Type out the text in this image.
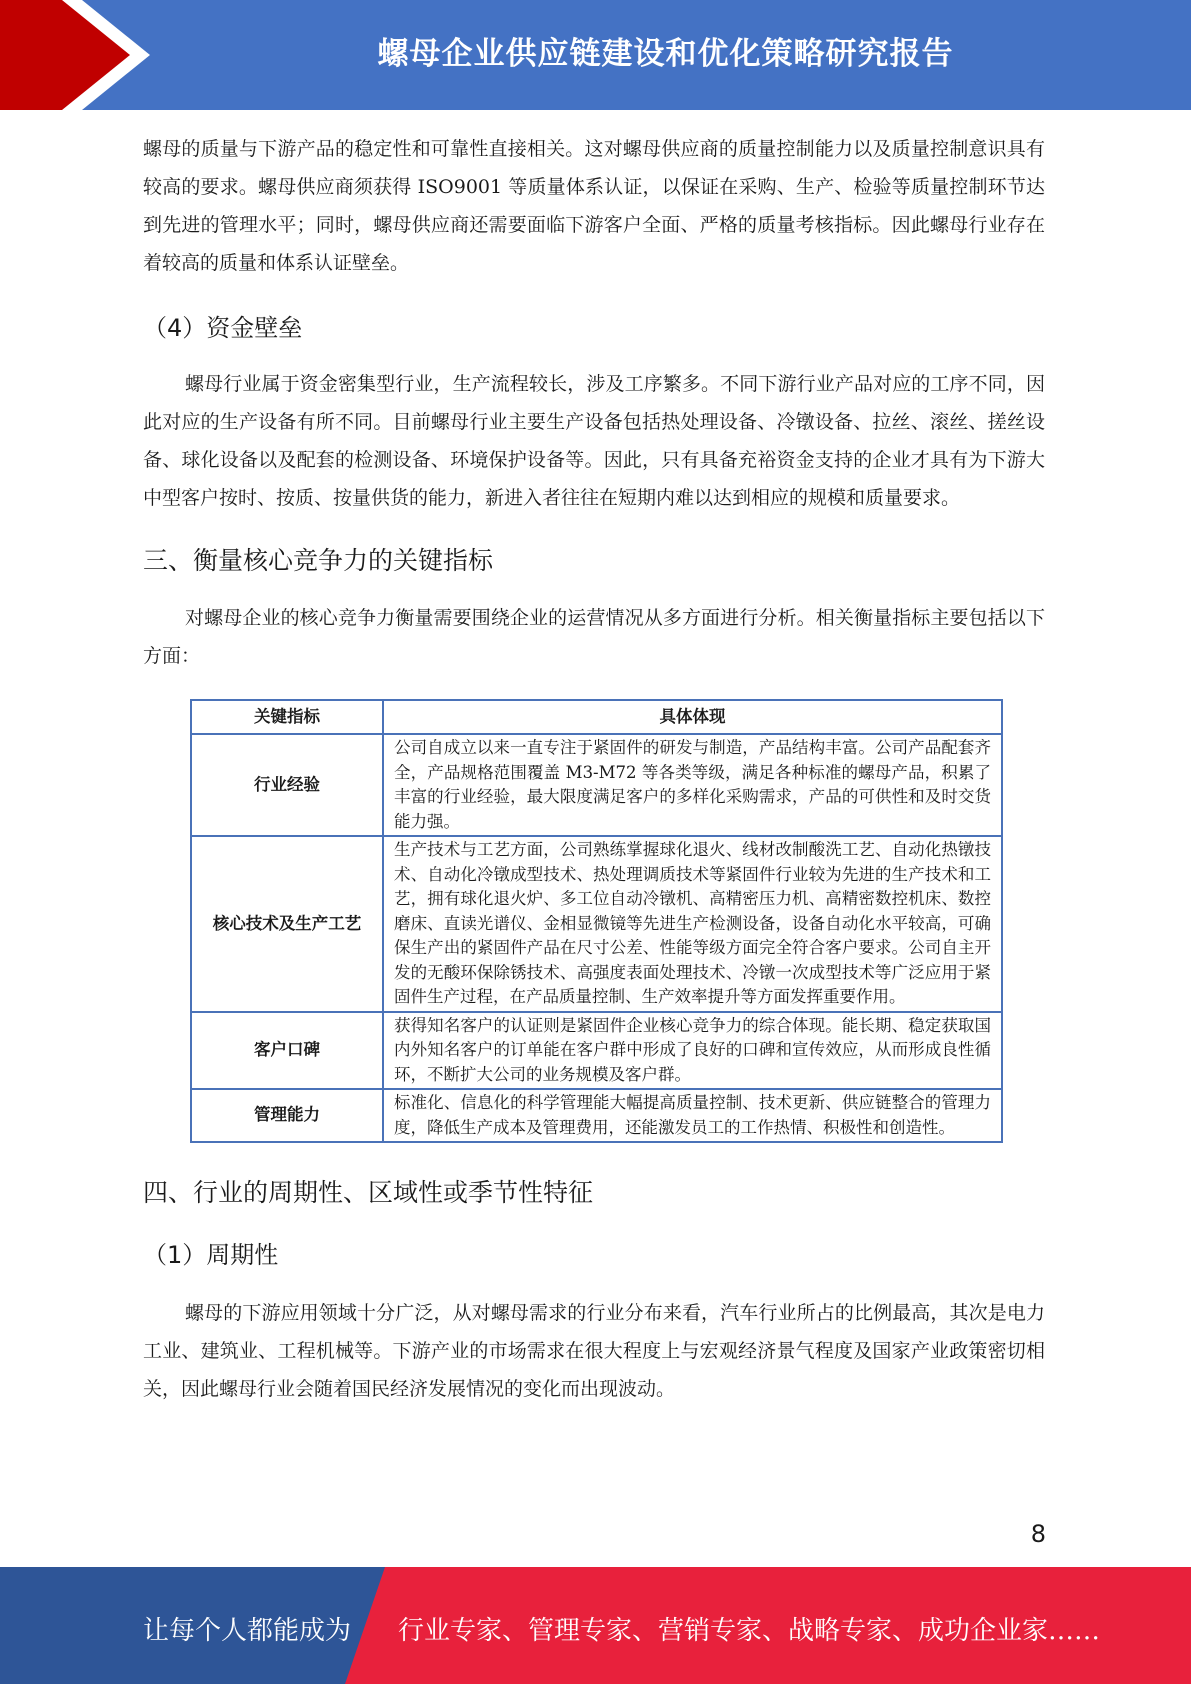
螺母企业供应链建设和优化策略研究报告

螺母的质量与下游产品的稳定性和可靠性直接相关。这对螺母供应商的质量控制能力以及质量控制意识具有较高的要求。螺母供应商须获得 ISO9001 等质量体系认证，以保证在采购、生产、检验等质量控制环节达到先进的管理水平；同时，螺母供应商还需要面临下游客户全面、严格的质量考核指标。因此螺母行业存在着较高的质量和体系认证壁垒。

（4）资金壁垒

螺母行业属于资金密集型行业，生产流程较长，涉及工序繁多。不同下游行业产品对应的工序不同，因此对应的生产设备有所不同。目前螺母行业主要生产设备包括热处理设备、冷镦设备、拉丝、滚丝、搓丝设备、球化设备以及配套的检测设备、环境保护设备等。因此，只有具备充裕资金支持的企业才具有为下游大中型客户按时、按质、按量供货的能力，新进入者往往在短期内难以达到相应的规模和质量要求。

三、衡量核心竞争力的关键指标

对螺母企业的核心竞争力衡量需要围绕企业的运营情况从多方面进行分析。相关衡量指标主要包括以下方面：

关键指标	具体体现
行业经验	公司自成立以来一直专注于紧固件的研发与制造，产品结构丰富。公司产品配套齐全，产品规格范围覆盖 M3-M72 等各类等级，满足各种标准的螺母产品，积累了丰富的行业经验，最大限度满足客户的多样化采购需求，产品的可供性和及时交货能力强。
核心技术及生产工艺	生产技术与工艺方面，公司熟练掌握球化退火、线材改制酸洗工艺、自动化热镦技术、自动化冷镦成型技术、热处理调质技术等紧固件行业较为先进的生产技术和工艺，拥有球化退火炉、多工位自动冷镦机、高精密压力机、高精密数控机床、数控磨床、直读光谱仪、金相显微镜等先进生产检测设备，设备自动化水平较高，可确保生产出的紧固件产品在尺寸公差、性能等级方面完全符合客户要求。公司自主开发的无酸环保除锈技术、高强度表面处理技术、冷镦一次成型技术等广泛应用于紧固件生产过程，在产品质量控制、生产效率提升等方面发挥重要作用。
客户口碑	获得知名客户的认证则是紧固件企业核心竞争力的综合体现。能长期、稳定获取国内外知名客户的订单能在客户群中形成了良好的口碑和宣传效应，从而形成良性循环，不断扩大公司的业务规模及客户群。
管理能力	标准化、信息化的科学管理能大幅提高质量控制、技术更新、供应链整合的管理力度，降低生产成本及管理费用，还能激发员工的工作热情、积极性和创造性。
四、行业的周期性、区域性或季节性特征
（1）周期性

螺母的下游应用领域十分广泛，从对螺母需求的行业分布来看，汽车行业所占的比例最高，其次是电力工业、建筑业、工程机械等。下游产业的市场需求在很大程度上与宏观经济景气程度及国家产业政策密切相关，因此螺母行业会随着国民经济发展情况的变化而出现波动。

8
让每个人都能成为 行业专家、管理专家、营销专家、战略专家、成功企业家……
